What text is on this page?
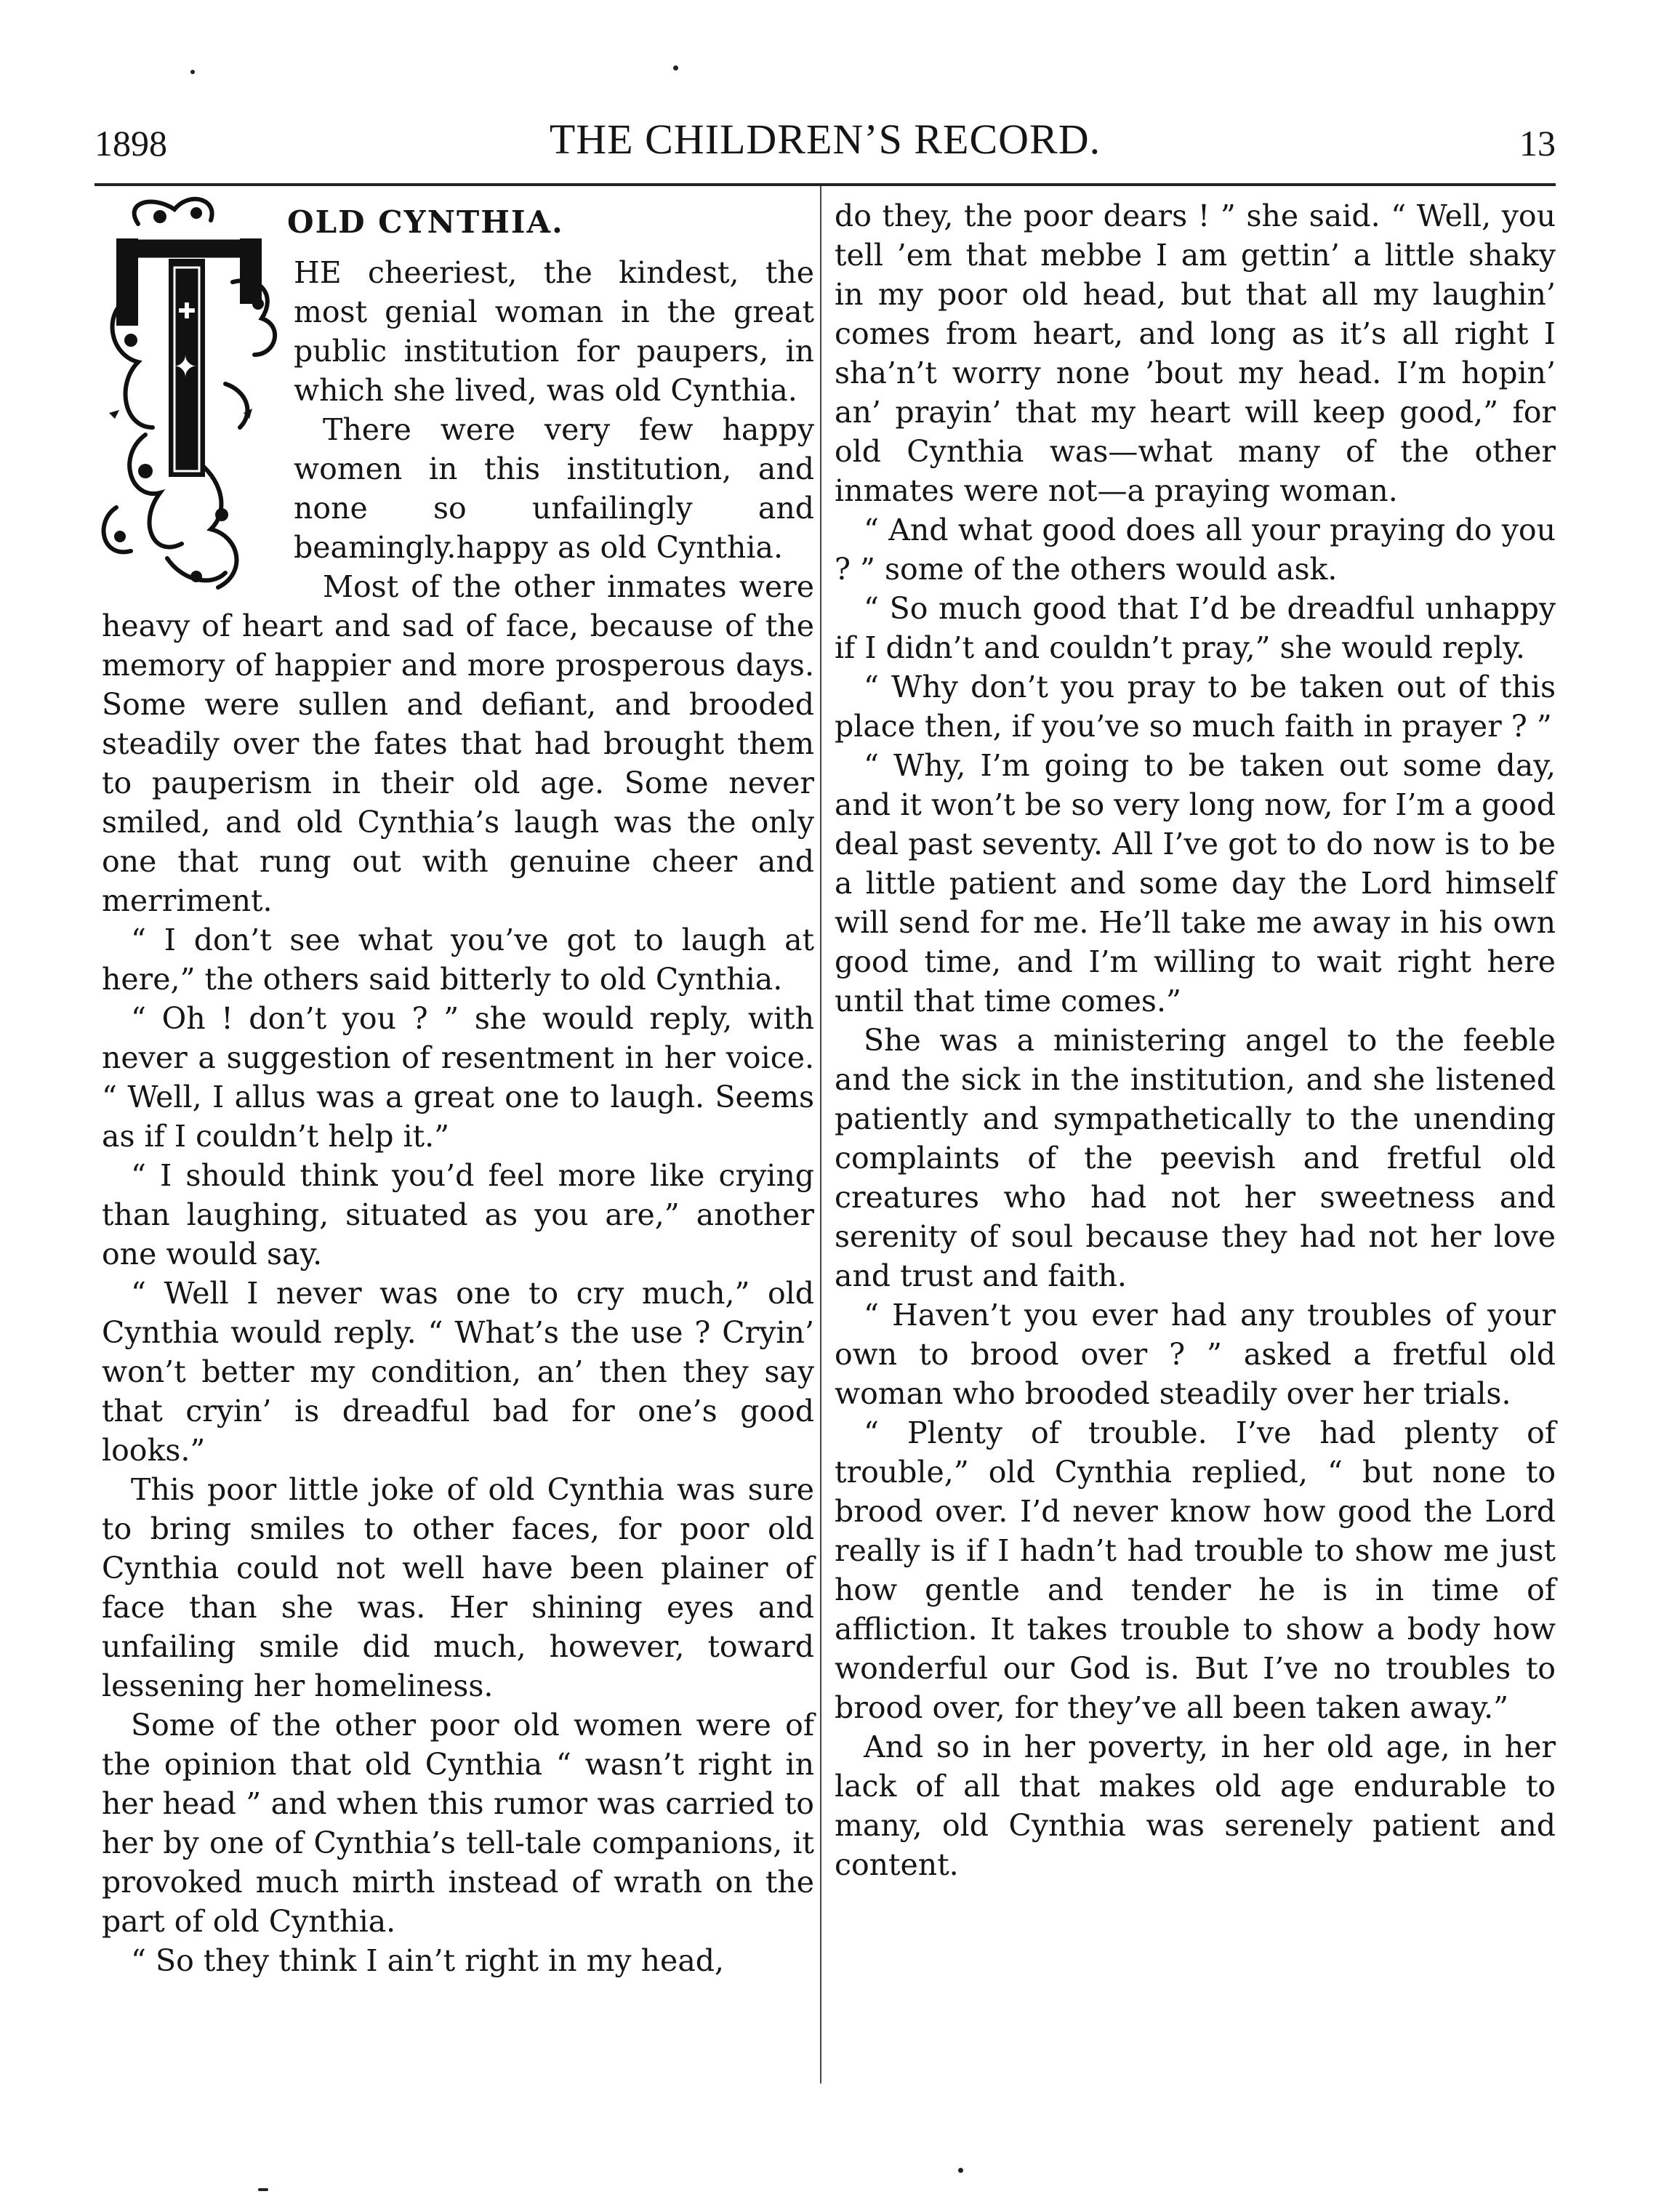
1898	THE CHILDREN’S RECORD.	13
OLD CYNTHIA.
✦
✚

HE cheeriest, the kindest, the most genial woman in the great public institution for paupers, in which she lived, was old Cynthia.

There were very few happy women in this institution, and none so unfailingly and beamingly.happy as old Cynthia.

Most of the other inmates were heavy of heart and sad of face, because of the memory of happier and more prosperous days. Some were sullen and defiant, and brooded steadily over the fates that had brought them to pauperism in their old age. Some never smiled, and old Cynthia’s laugh was the only one that rung out with genuine cheer and merriment.

“ I don’t see what you’ve got to laugh at here,” the others said bitterly to old Cynthia.

“ Oh ! don’t you ? ” she would reply, with never a suggestion of resentment in her voice. “ Well, I allus was a great one to laugh. Seems as if I couldn’t help it.”

“ I should think you’d feel more like crying than laughing, situated as you are,” another one would say.

“ Well I never was one to cry much,” old Cynthia would reply. “ What’s the use ? Cryin’ won’t better my condition, an’ then they say that cryin’ is dreadful bad for one’s good looks.”

This poor little joke of old Cynthia was sure to bring smiles to other faces, for poor old Cynthia could not well have been plainer of face than she was. Her shining eyes and unfailing smile did much, however, toward lessening her homeliness.

Some of the other poor old women were of the opinion that old Cynthia “ wasn’t right in her head ” and when this rumor was carried to her by one of Cynthia’s tell-tale companions, it provoked much mirth instead of wrath on the part of old Cynthia.

“ So they think I ain’t right in my head,

do they, the poor dears ! ” she said. “ Well, you tell ’em that mebbe I am gettin’ a little shaky in my poor old head, but that all my laughin’ comes from heart, and long as it’s all right I sha’n’t worry none ’bout my head. I’m hopin’ an’ prayin’ that my heart will keep good,” for old Cynthia was—what many of the other inmates were not—a praying woman.

“ And what good does all your praying do you ? ” some of the others would ask.

“ So much good that I’d be dreadful unhappy if I didn’t and couldn’t pray,” she would reply.

“ Why don’t you pray to be taken out of this place then, if you’ve so much faith in prayer ? ”

“ Why, I’m going to be taken out some day, and it won’t be so very long now, for I’m a good deal past seventy. All I’ve got to do now is to be a little patient and some day the Lord himself will send for me. He’ll take me away in his own good time, and I’m willing to wait right here until that time comes.”

She was a ministering angel to the feeble and the sick in the institution, and she listened patiently and sympathetically to the unending complaints of the peevish and fretful old creatures who had not her sweetness and serenity of soul because they had not her love and trust and faith.

“ Haven’t you ever had any troubles of your own to brood over ? ” asked a fretful old woman who brooded steadily over her trials.

“ Plenty of trouble. I’ve had plenty of trouble,” old Cynthia replied, “ but none to brood over. I’d never know how good the Lord really is if I hadn’t had trouble to show me just how gentle and tender he is in time of affliction. It takes trouble to show a body how wonderful our God is. But I’ve no troubles to brood over, for they’ve all been taken away.”

And so in her poverty, in her old age, in her lack of all that makes old age endurable to many, old Cynthia was serenely patient and content.
